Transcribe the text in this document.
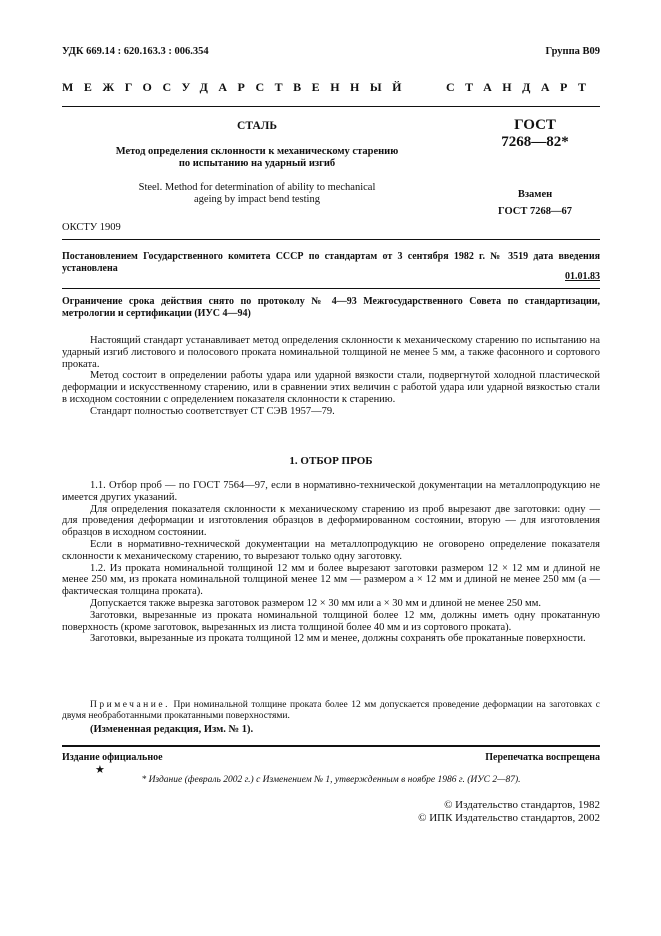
УДК 669.14 : 620.163.3 : 006.354	Группа В09
МЕЖГОСУДАРСТВЕННЫЙ	СТАНДАРТ
СТАЛЬ
Метод определения склонности к механическому старению
по испытанию на ударный изгиб
Steel. Method for determination of ability to mechanical
ageing by impact bend testing
ГОСТ
7268—82*
Взамен
ГОСТ 7268—67
ОКСТУ 1909
Постановлением Государственного комитета СССР по стандартам от 3 сентября 1982 г. № 3519 дата введения установлена
01.01.83
Ограничение срока действия снято по протоколу № 4—93 Межгосударственного Совета по стандартизации, метрологии и сертификации (ИУС 4—94)

Настоящий стандарт устанавливает метод определения склонности к механическому старению по испытанию на ударный изгиб листового и полосового проката номинальной толщиной не менее 5 мм, а также фасонного и сортового проката.

Метод состоит в определении работы удара или ударной вязкости стали, подвергнутой холодной пластической деформации и искусственному старению, или в сравнении этих величин с работой удара или ударной вязкостью стали в исходном состоянии с определением показателя склонности к старению.

Стандарт полностью соответствует СТ СЭВ 1957—79.

1. ОТБОР ПРОБ

1.1. Отбор проб — по ГОСТ 7564—97, если в нормативно-технической документации на металлопродукцию не имеется других указаний.

Для определения показателя склонности к механическому старению из проб вырезают две заготовки: одну — для проведения деформации и изготовления образцов в деформированном состоянии, вторую — для изготовления образцов в исходном состоянии.

Если в нормативно-технической документации на металлопродукцию не оговорено определение показателя склонности к механическому старению, то вырезают только одну заготовку.

1.2. Из проката номинальной толщиной 12 мм и более вырезают заготовки размером 12 × 12 мм и длиной не менее 250 мм, из проката номинальной толщиной менее 12 мм — размером а × 12 мм и длиной не менее 250 мм (а — фактическая толщина проката).

Допускается также вырезка заготовок размером 12 × 30 мм или а × 30 мм и длиной не менее 250 мм.

Заготовки, вырезанные из проката номинальной толщиной более 12 мм, должны иметь одну прокатанную поверхность (кроме заготовок, вырезанных из листа толщиной более 40 мм и из сортового проката).

Заготовки, вырезанные из проката толщиной 12 мм и менее, должны сохранять обе прокатанные поверхности.

Примечание. При номинальной толщине проката более 12 мм допускается проведение деформации на заготовках с двумя необработанными прокатанными поверхностями.
(Измененная редакция, Изм. № 1).
Издание официальное	Перепечатка воспрещена
★
* Издание (февраль 2002 г.) с Изменением № 1, утвержденным в ноябре 1986 г. (ИУС 2—87).
© Издательство стандартов, 1982
© ИПК Издательство стандартов, 2002
